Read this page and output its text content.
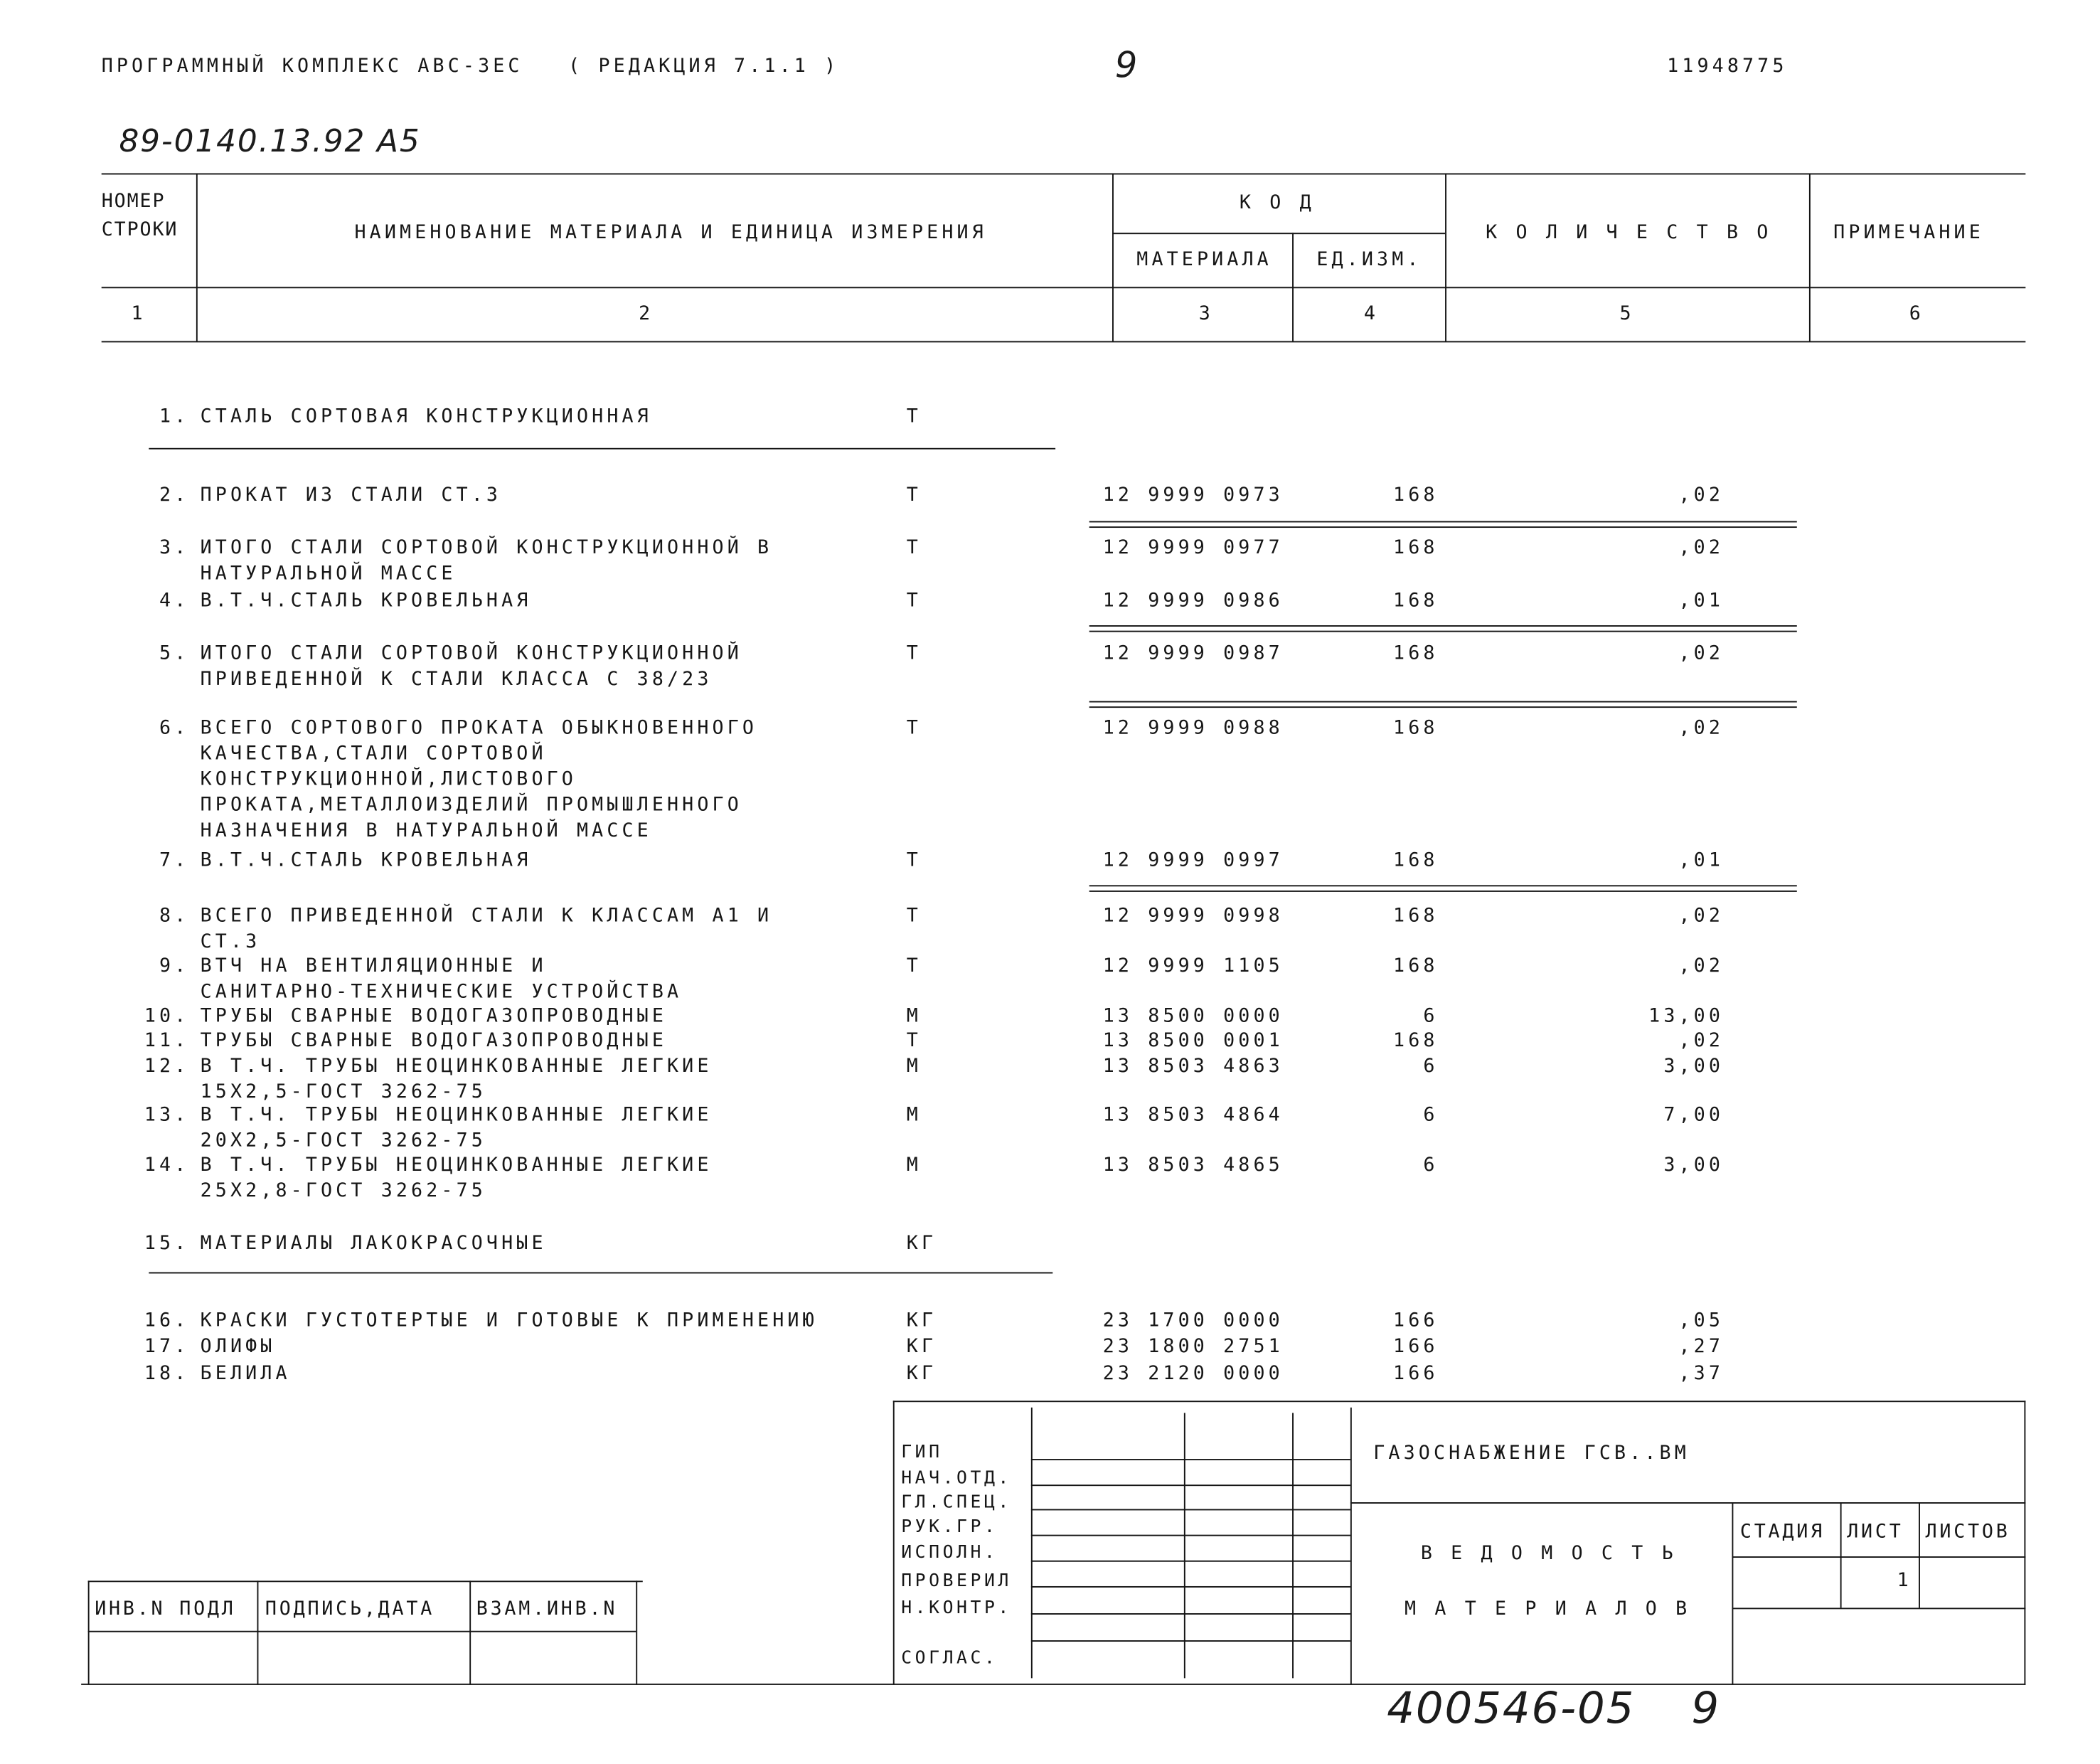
ПРОГРАММНЫЙ КОМПЛЕКС АВС-3ЕС	( РЕДАКЦИЯ 7.1.1 )	9	11948775
89-0140.13.92 А5
НОМЕР
СТРОКИ	НАИМЕНОВАНИЕ МАТЕРИАЛА И ЕДИНИЦА ИЗМЕРЕНИЯ
К О Д
МАТЕРИАЛА	ЕД.ИЗМ.
К О Л И Ч Е С Т В О	ПРИМЕЧАНИЕ
1	2	3	4	5	6
1. СТАЛЬ СОРТОВАЯ КОНСТРУКЦИОННАЯ	Т
2. ПРОКАТ ИЗ СТАЛИ СТ.3	Т	12 9999 0973	168	,02
3. ИТОГО СТАЛИ СОРТОВОЙ КОНСТРУКЦИОННОЙ В
НАТУРАЛЬНОЙ МАССЕ
Т	12 9999 0977	168	,02
4. В.Т.Ч.СТАЛЬ КРОВЕЛЬНАЯ	Т	12 9999 0986	168	,01
5. ИТОГО СТАЛИ СОРТОВОЙ КОНСТРУКЦИОННОЙ
ПРИВЕДЕННОЙ К СТАЛИ КЛАССА С 38/23
Т	12 9999 0987	168	,02
6. ВСЕГО СОРТОВОГО ПРОКАТА ОБЫКНОВЕННОГО
КАЧЕСТВА,СТАЛИ СОРТОВОЙ
КОНСТРУКЦИОННОЙ,ЛИСТОВОГО
ПРОКАТА,МЕТАЛЛОИЗДЕЛИЙ ПРОМЫШЛЕННОГО
НАЗНАЧЕНИЯ В НАТУРАЛЬНОЙ МАССЕ
Т	12 9999 0988	168	,02
7. В.Т.Ч.СТАЛЬ КРОВЕЛЬНАЯ	Т	12 9999 0997	168	,01
8. ВСЕГО ПРИВЕДЕННОЙ СТАЛИ К КЛАССАМ А1 И
СТ.3
Т	12 9999 0998	168	,02
9. ВТЧ НА ВЕНТИЛЯЦИОННЫЕ И
САНИТАРНО-ТЕХНИЧЕСКИЕ УСТРОЙСТВА
Т	12 9999 1105	168	,02
10. ТРУБЫ СВАРНЫЕ ВОДОГАЗОПРОВОДНЫЕ	М	13 8500 0000	6	13,00
11. ТРУБЫ СВАРНЫЕ ВОДОГАЗОПРОВОДНЫЕ	Т	13 8500 0001	168	,02
12. В Т.Ч. ТРУБЫ НЕОЦИНКОВАННЫЕ ЛЕГКИЕ
15Х2,5-ГОСТ 3262-75
М	13 8503 4863	6	3,00
13. В Т.Ч. ТРУБЫ НЕОЦИНКОВАННЫЕ ЛЕГКИЕ
20Х2,5-ГОСТ 3262-75
М	13 8503 4864	6	7,00
14. В Т.Ч. ТРУБЫ НЕОЦИНКОВАННЫЕ ЛЕГКИЕ
25Х2,8-ГОСТ 3262-75
М	13 8503 4865	6	3,00
15. МАТЕРИАЛЫ ЛАКОКРАСОЧНЫЕ	КГ
16. КРАСКИ ГУСТОТЕРТЫЕ И ГОТОВЫЕ К ПРИМЕНЕНИЮ	КГ	23 1700 0000	166	,05
17. ОЛИФЫ	КГ	23 1800 2751	166	,27
18. БЕЛИЛА	КГ	23 2120 0000	166	,37
ГИП
НАЧ.ОТД.
ГЛ.СПЕЦ.
РУК.ГР.
ИСПОЛН.
ПРОВЕРИЛ
Н.КОНТР.
СОГЛАС.
ГАЗОСНАБЖЕНИЕ ГСВ..ВМ
В Е Д О М О С Т Ь
М А Т Е Р И А Л О В
СТАДИЯ ЛИСТ ЛИСТОВ
1
ИНВ.N ПОДЛ	ПОДПИСЬ,ДАТА	ВЗАМ.ИНВ.N
400546-05 9
